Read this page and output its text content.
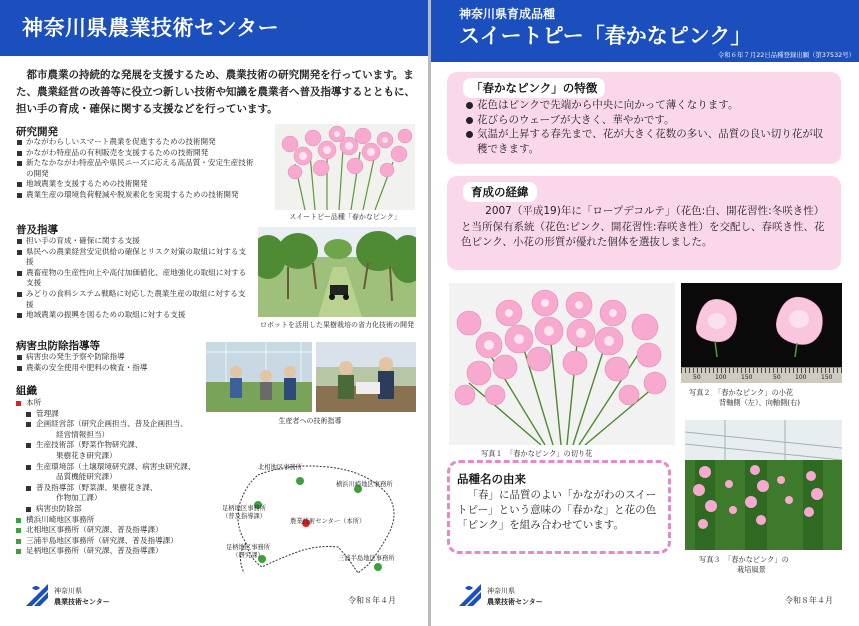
神奈川県農業技術センター
都市農業の持続的な発展を支援するため、農業技術の研究開発を行っています。また、農業経営の改善等に役立つ新しい技術や知識を農業者へ普及指導するとともに、担い手の育成・確保に関する支援などを行っています。
研究開発
かながわらしいスマート農業を促進するための技術開発
かながわ特産品の有利販売を支援するための技術開発
新たなかながわ特産品や県民ニーズに応える高品質・安定生産技術の開発
地域農業を支援するための技術開発
農業生産の環境負荷軽減や脱炭素化を実現するための技術開発
スイートピー品種「春かなピンク」
普及指導
担い手の育成・確保に関する支援
県民への農業経営安定供給の確保とリスク対策の取組に対する支援
農畜産物の生産性向上や高付加価値化、産地強化の取組に対する支援
みどりの食料システム戦略に対応した農業生産の取組に対する支援
地域農業の振興を図るための取組に対する支援
ロボットを活用した果樹栽培の省力化技術の開発
病害虫防除指導等
病害虫の発生予察や防除指導
農薬の安全使用や肥料の検査・指導
生産者への技術指導
組織
本所
管理課
企画経営部（研究企画担当、普及企画担当、
経営情報担当）
生産技術部（野菜作物研究課、
果樹花き研究課）
生産環境部（土壌環境研究課、病害虫研究課、
品質機能研究課）
普及指導部（野菜課、果樹花き課、
作物加工課）
病害虫防除部
横浜川崎地区事務所
北相地区事務所（研究課、普及指導課）
三浦半島地区事務所（研究課、普及指導課）
足柄地区事務所（研究課、普及指導課）
北相地区事務所
横浜川崎地区事務所
足柄地区事務所
（普及指導課）
農業技術センター（本所）
足柄地区事務所
（研究課）	三浦半島地区事務所
神奈川県
農業技術センター	令和８年４月
神奈川県育成品種
スイートピー「春かなピンク」
令和６年７月22日品種登録出願（第37532号）
「春かなピンク」の特徴
花色はピンクで先端から中央に向かって薄くなります。
花びらのウェーブが大きく、華やかです。
気温が上昇する春先まで、花が大きく花数の多い、品質の良い切り花が収穫できます。
育成の経緯
2007（平成19)年に「ロープデコルテ」（花色:白、開花習性:冬咲き性）と当所保有系統（花色:ピンク、開花習性:春咲き性）を交配し、春咲き性、花色ピンク、小花の形質が優れた個体を選抜しました。
写真１　「春かなピンク」の切り花
50 100 150	50 100 150
写真２　「春かなピンク」の小花
背軸側（左）、向軸側(右)
品種名の由来
「春」に品質のよい「かながわのスイートピー」という意味の「春かな」と花の色「ピンク」を組み合わせています。
写真３　「春かなピンク」の
栽培風景
神奈川県
農業技術センター	令和８年４月
